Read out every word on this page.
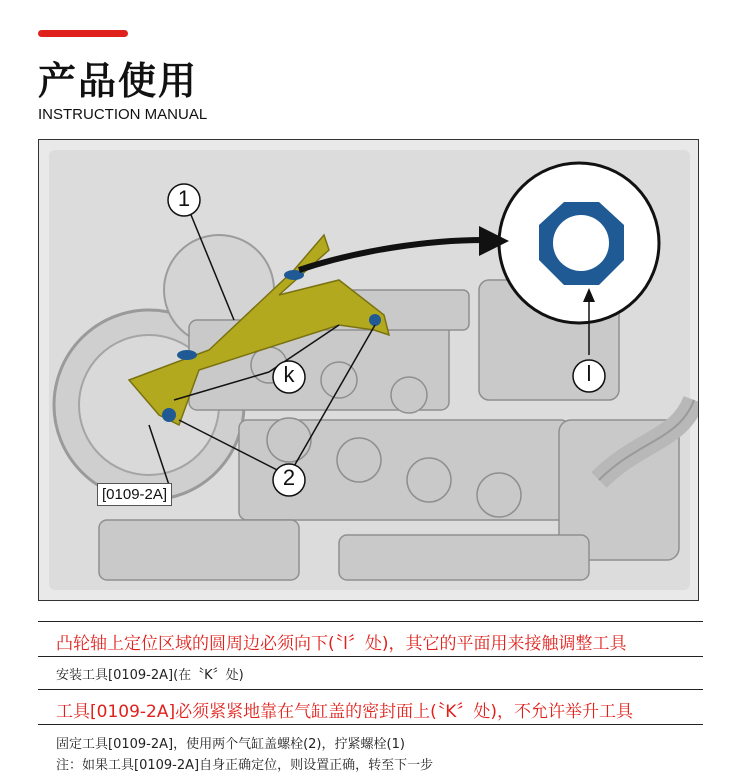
产品使用
INSTRUCTION MANUAL
1
k
2
l
[0109-2A]
凸轮轴上定位区域的圆周边必须向下(〝l〞处)，其它的平面用来接触调整工具
安装工具[0109-2A](在〝K〞处)
工具[0109-2A]必须紧紧地靠在气缸盖的密封面上(〝K〞处)，不允许举升工具
固定工具[0109-2A]，使用两个气缸盖螺栓(2)，拧紧螺栓(1)
注：如果工具[0109-2A]自身正确定位，则设置正确，转至下一步
